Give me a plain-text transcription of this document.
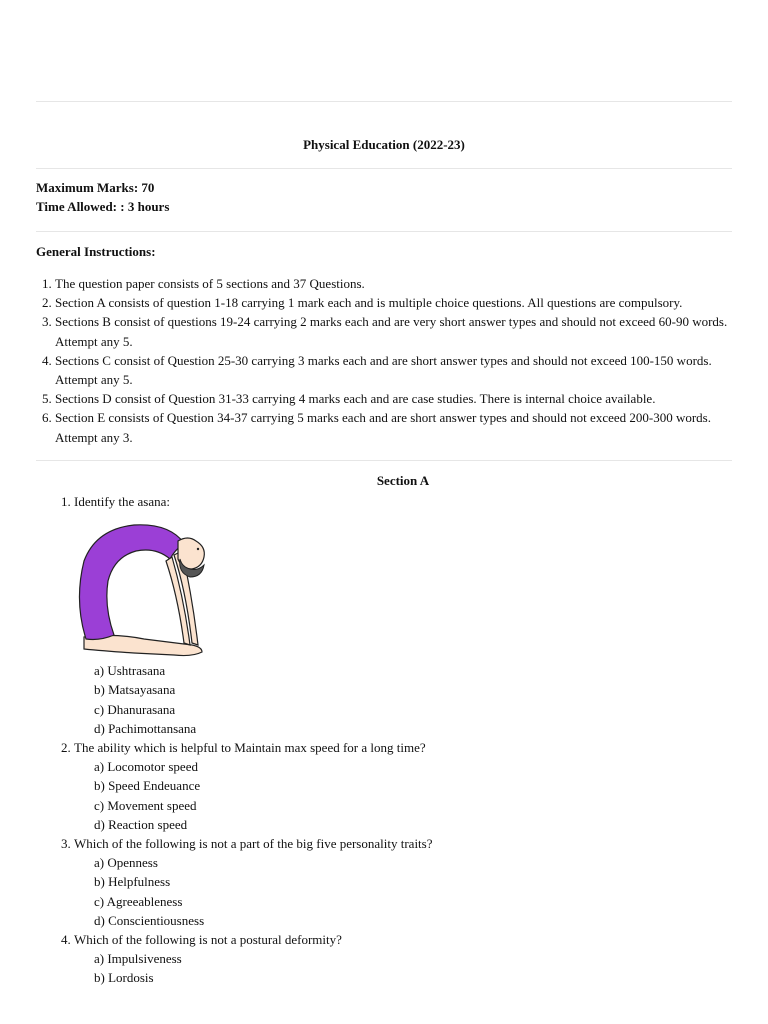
Physical Education (2022-23)
Maximum Marks: 70
Time Allowed: : 3 hours
General Instructions:
1. The question paper consists of 5 sections and 37 Questions.
2. Section A consists of question 1-18 carrying 1 mark each and is multiple choice questions. All questions are compulsory.
3. Sections B consist of questions 19-24 carrying 2 marks each and are very short answer types and should not exceed 60-90 words. Attempt any 5.
4. Sections C consist of Question 25-30 carrying 3 marks each and are short answer types and should not exceed 100-150 words. Attempt any 5.
5. Sections D consist of Question 31-33 carrying 4 marks each and are case studies. There is internal choice available.
6. Section E consists of Question 34-37 carrying 5 marks each and are short answer types and should not exceed 200-300 words. Attempt any 3.
Section A
1. Identify the asana:
a) Ushtrasana
b) Matsayasana
c) Dhanurasana
d) Pachimottansana
2. The ability which is helpful to Maintain max speed for a long time?
a) Locomotor speed
b) Speed Endeuance
c) Movement speed
d) Reaction speed
3. Which of the following is not a part of the big five personality traits?
a) Openness
b) Helpfulness
c) Agreeableness
d) Conscientiousness
4. Which of the following is not a postural deformity?
a) Impulsiveness
b) Lordosis
